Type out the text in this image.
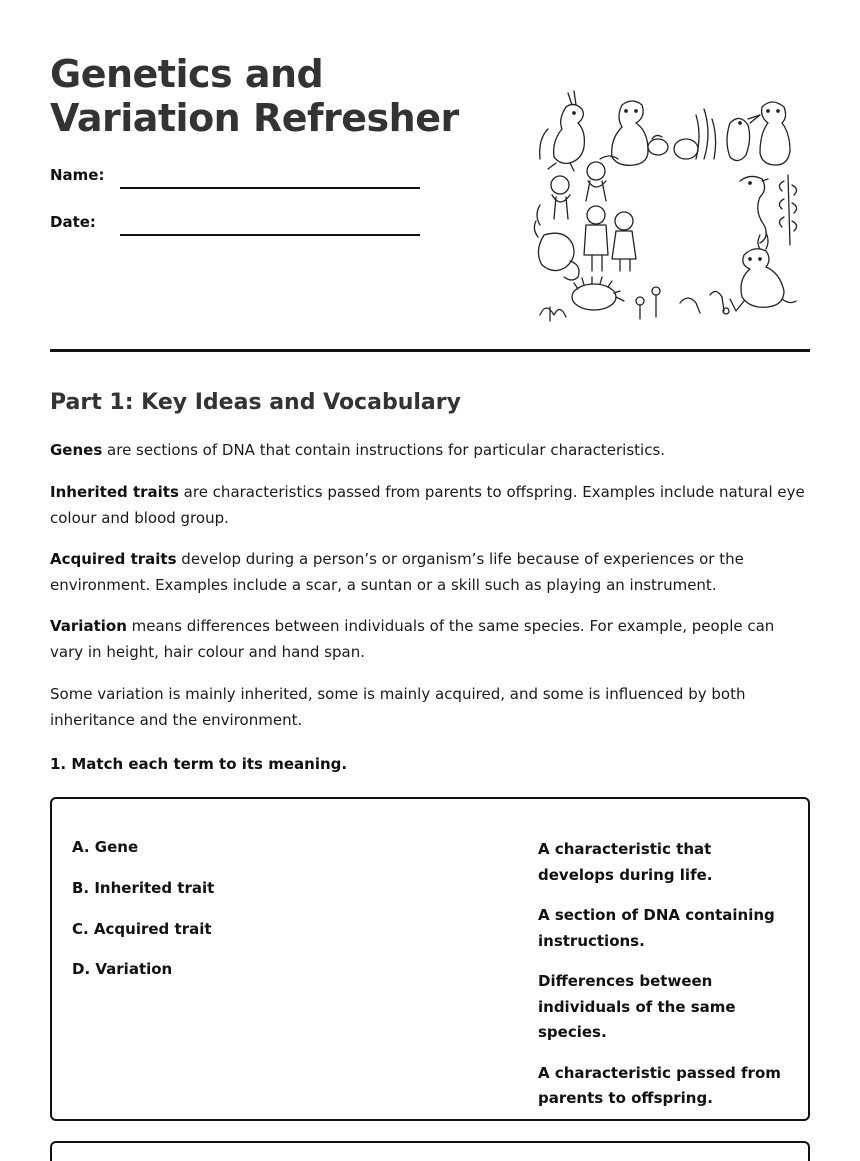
Genetics and Variation Refresher
Name:
Date:
Part 1: Key Ideas and Vocabulary

Genes are sections of DNA that contain instructions for particular characteristics.

Inherited traits are characteristics passed from parents to offspring. Examples include natural eye colour and blood group.

Acquired traits develop during a person’s or organism’s life because of experiences or the environment. Examples include a scar, a suntan or a skill such as playing an instrument.

Variation means differences between individuals of the same species. For example, people can vary in height, hair colour and hand span.

Some variation is mainly inherited, some is mainly acquired, and some is influenced by both inheritance and the environment.

1. Match each term to its meaning.
A. Gene
B. Inherited trait
C. Acquired trait
D. Variation
A characteristic that develops during life.
A section of DNA containing instructions.
Differences between individuals of the same species.
A characteristic passed from parents to offspring.
